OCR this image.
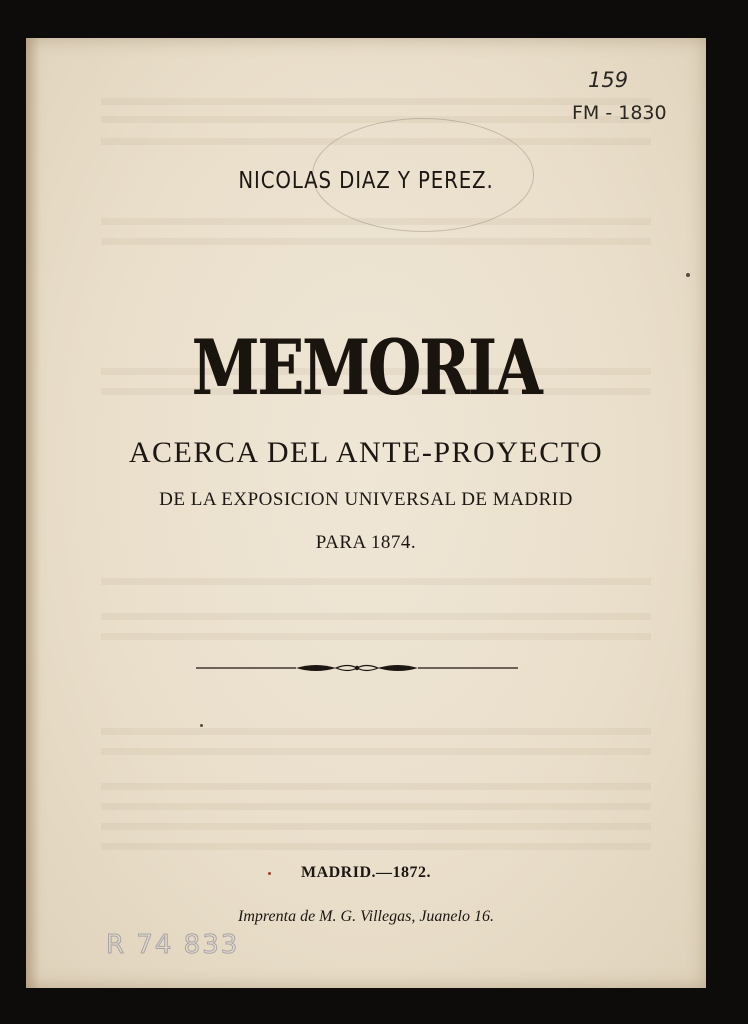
159
FM - 1830

NICOLAS DIAZ Y PEREZ.

MEMORIA

ACERCA DEL ANTE-PROYECTO

DE LA EXPOSICION UNIVERSAL DE MADRID

PARA 1874.

MADRID.—1872.

Imprenta de M. G. Villegas, Juanelo 16.

R 74 833
